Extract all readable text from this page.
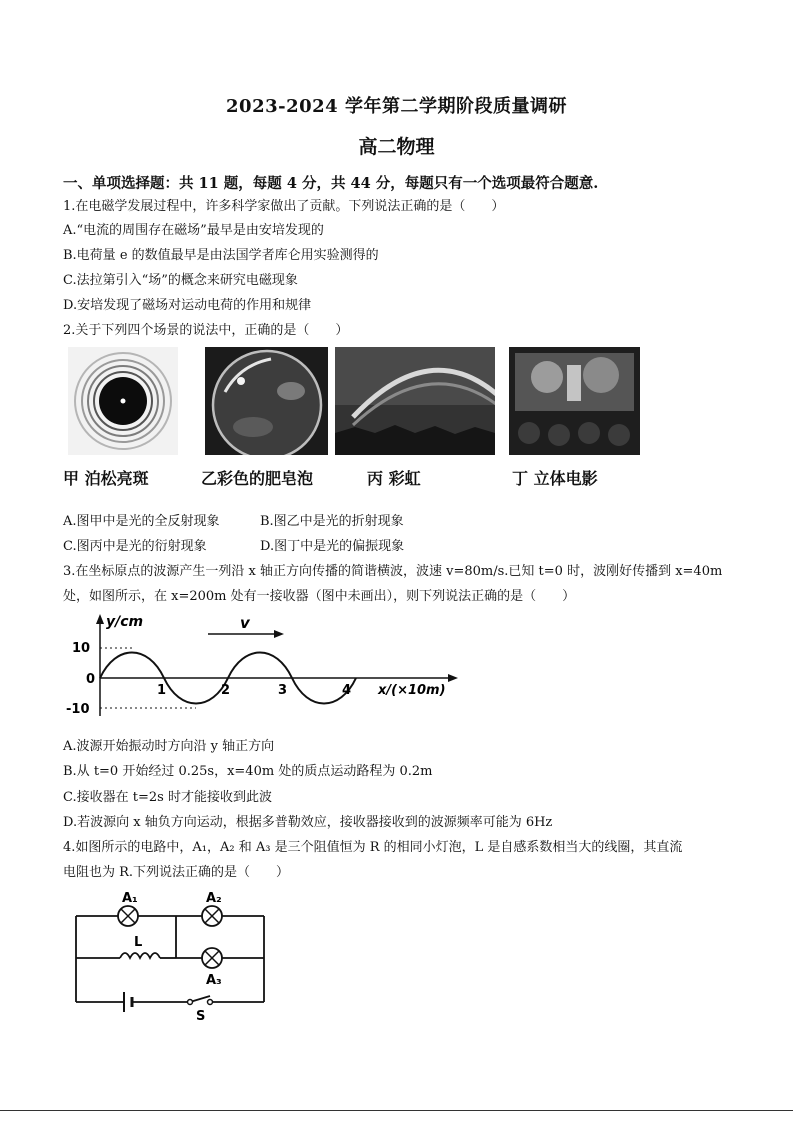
2023-2024 学年第二学期阶段质量调研
高二物理
一、单项选择题：共 11 题，每题 4 分，共 44 分，每题只有一个选项最符合题意.
1.在电磁学发展过程中，许多科学家做出了贡献。下列说法正确的是（　　）
A.“电流的周围存在磁场”最早是由安培发现的
B.电荷量 e 的数值最早是由法国学者库仑用实验测得的
C.法拉第引入“场”的概念来研究电磁现象
D.安培发现了磁场对运动电荷的作用和规律
2.关于下列四个场景的说法中，正确的是（　　）
甲 泊松亮斑	乙彩色的肥皂泡	丙 彩虹	丁 立体电影
A.图甲中是光的全反射现象	B.图乙中是光的折射现象
C.图丙中是光的衍射现象	D.图丁中是光的偏振现象
3.在坐标原点的波源产生一列沿 x 轴正方向传播的简谐横波，波速 v=80m/s.已知 t=0 时，波刚好传播到 x=40m
处，如图所示，在 x=200m 处有一接收器（图中未画出），则下列说法正确的是（　　）
v
y/cm
10
0
-10
1	2	3	4 x/(×10m)
A.波源开始振动时方向沿 y 轴正方向
B.从 t=0 开始经过 0.25s，x=40m 处的质点运动路程为 0.2m
C.接收器在 t=2s 时才能接收到此波
D.若波源向 x 轴负方向运动，根据多普勒效应，接收器接收到的波源频率可能为 6Hz
4.如图所示的电路中，A₁，A₂ 和 A₃ 是三个阻值恒为 R 的相同小灯泡，L 是自感系数相当大的线圈，其直流
电阻也为 R.下列说法正确的是（　　）
A₁	A₂
A₃
L
S
